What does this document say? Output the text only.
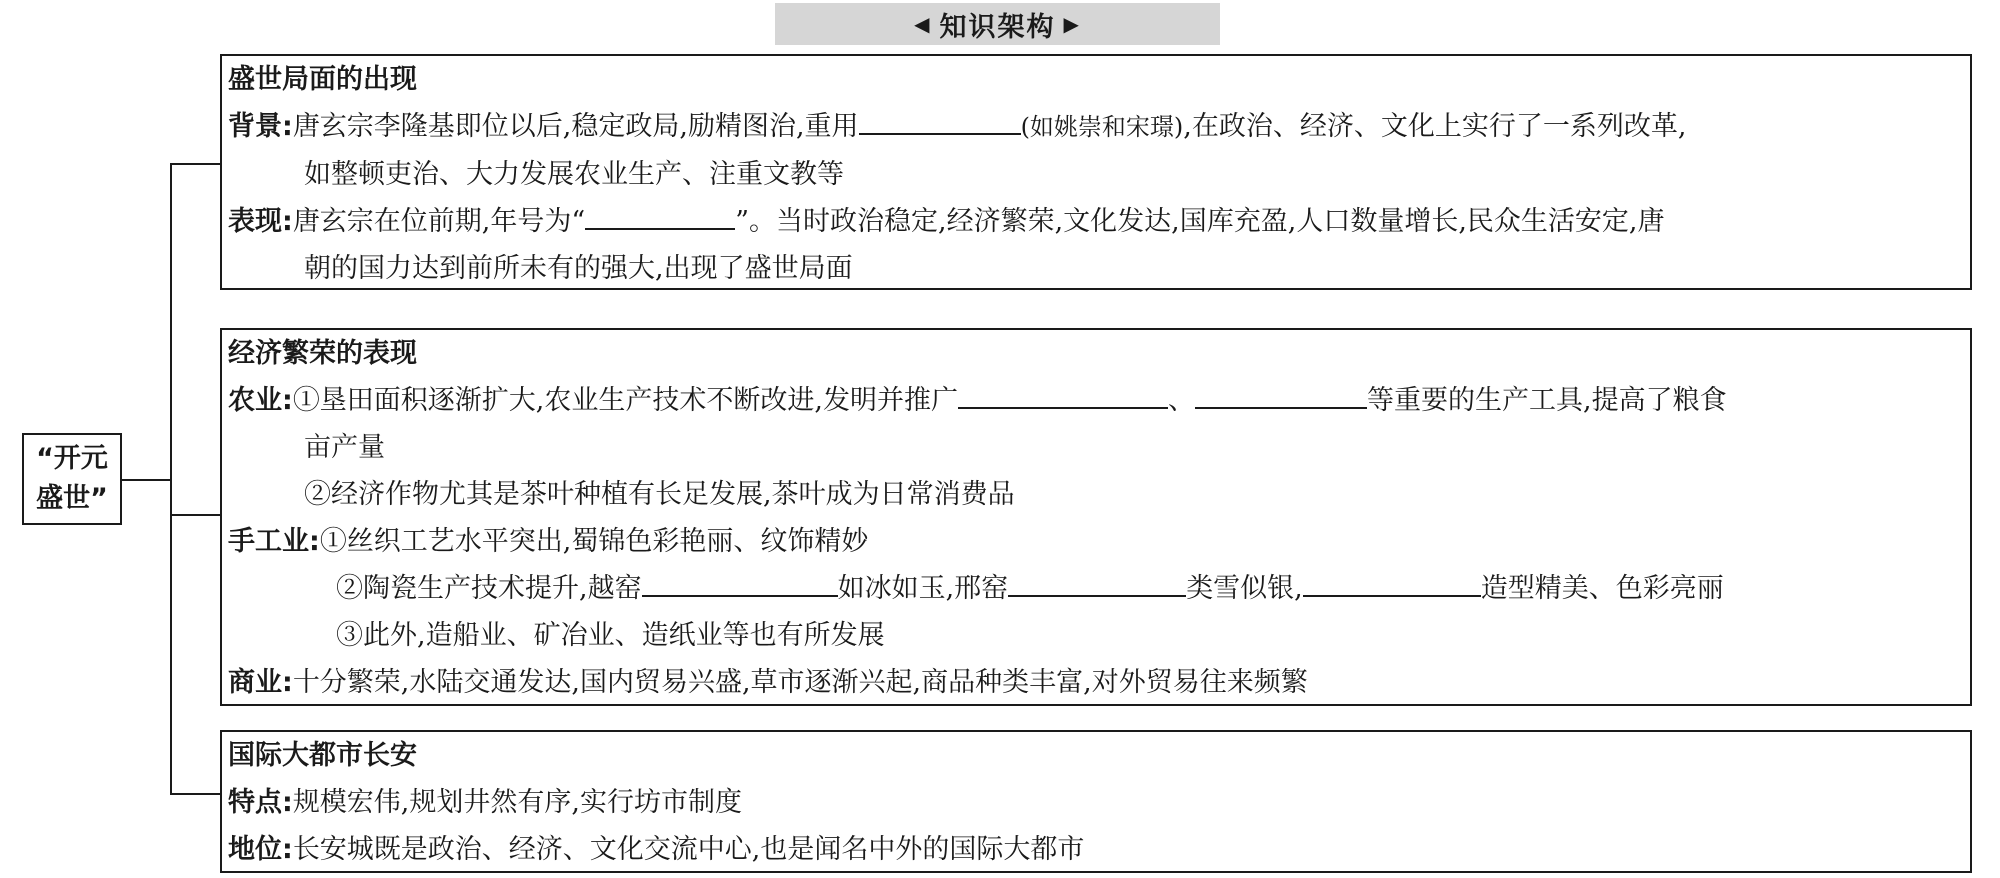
◀ 知识架构 ▶
“开元
盛世”
盛世局面的出现
背景:唐玄宗李隆基即位以后,稳定政局,励精图治,重用	(如姚崇和宋璟),在政治、经济、文化上实行了一系列改革,
如整顿吏治、大力发展农业生产、注重文教等
表现:唐玄宗在位前期,年号为“	”。当时政治稳定,经济繁荣,文化发达,国库充盈,人口数量增长,民众生活安定,唐
朝的国力达到前所未有的强大,出现了盛世局面
经济繁荣的表现
农业:①垦田面积逐渐扩大,农业生产技术不断改进,发明并推广	、	等重要的生产工具,提高了粮食
亩产量
②经济作物尤其是茶叶种植有长足发展,茶叶成为日常消费品
手工业:①丝织工艺水平突出,蜀锦色彩艳丽、纹饰精妙
②陶瓷生产技术提升,越窑	如冰如玉,邢窑	类雪似银,	造型精美、色彩亮丽
③此外,造船业、矿冶业、造纸业等也有所发展
商业:十分繁荣,水陆交通发达,国内贸易兴盛,草市逐渐兴起,商品种类丰富,对外贸易往来频繁
国际大都市长安
特点:规模宏伟,规划井然有序,实行坊市制度
地位:长安城既是政治、经济、文化交流中心,也是闻名中外的国际大都市
